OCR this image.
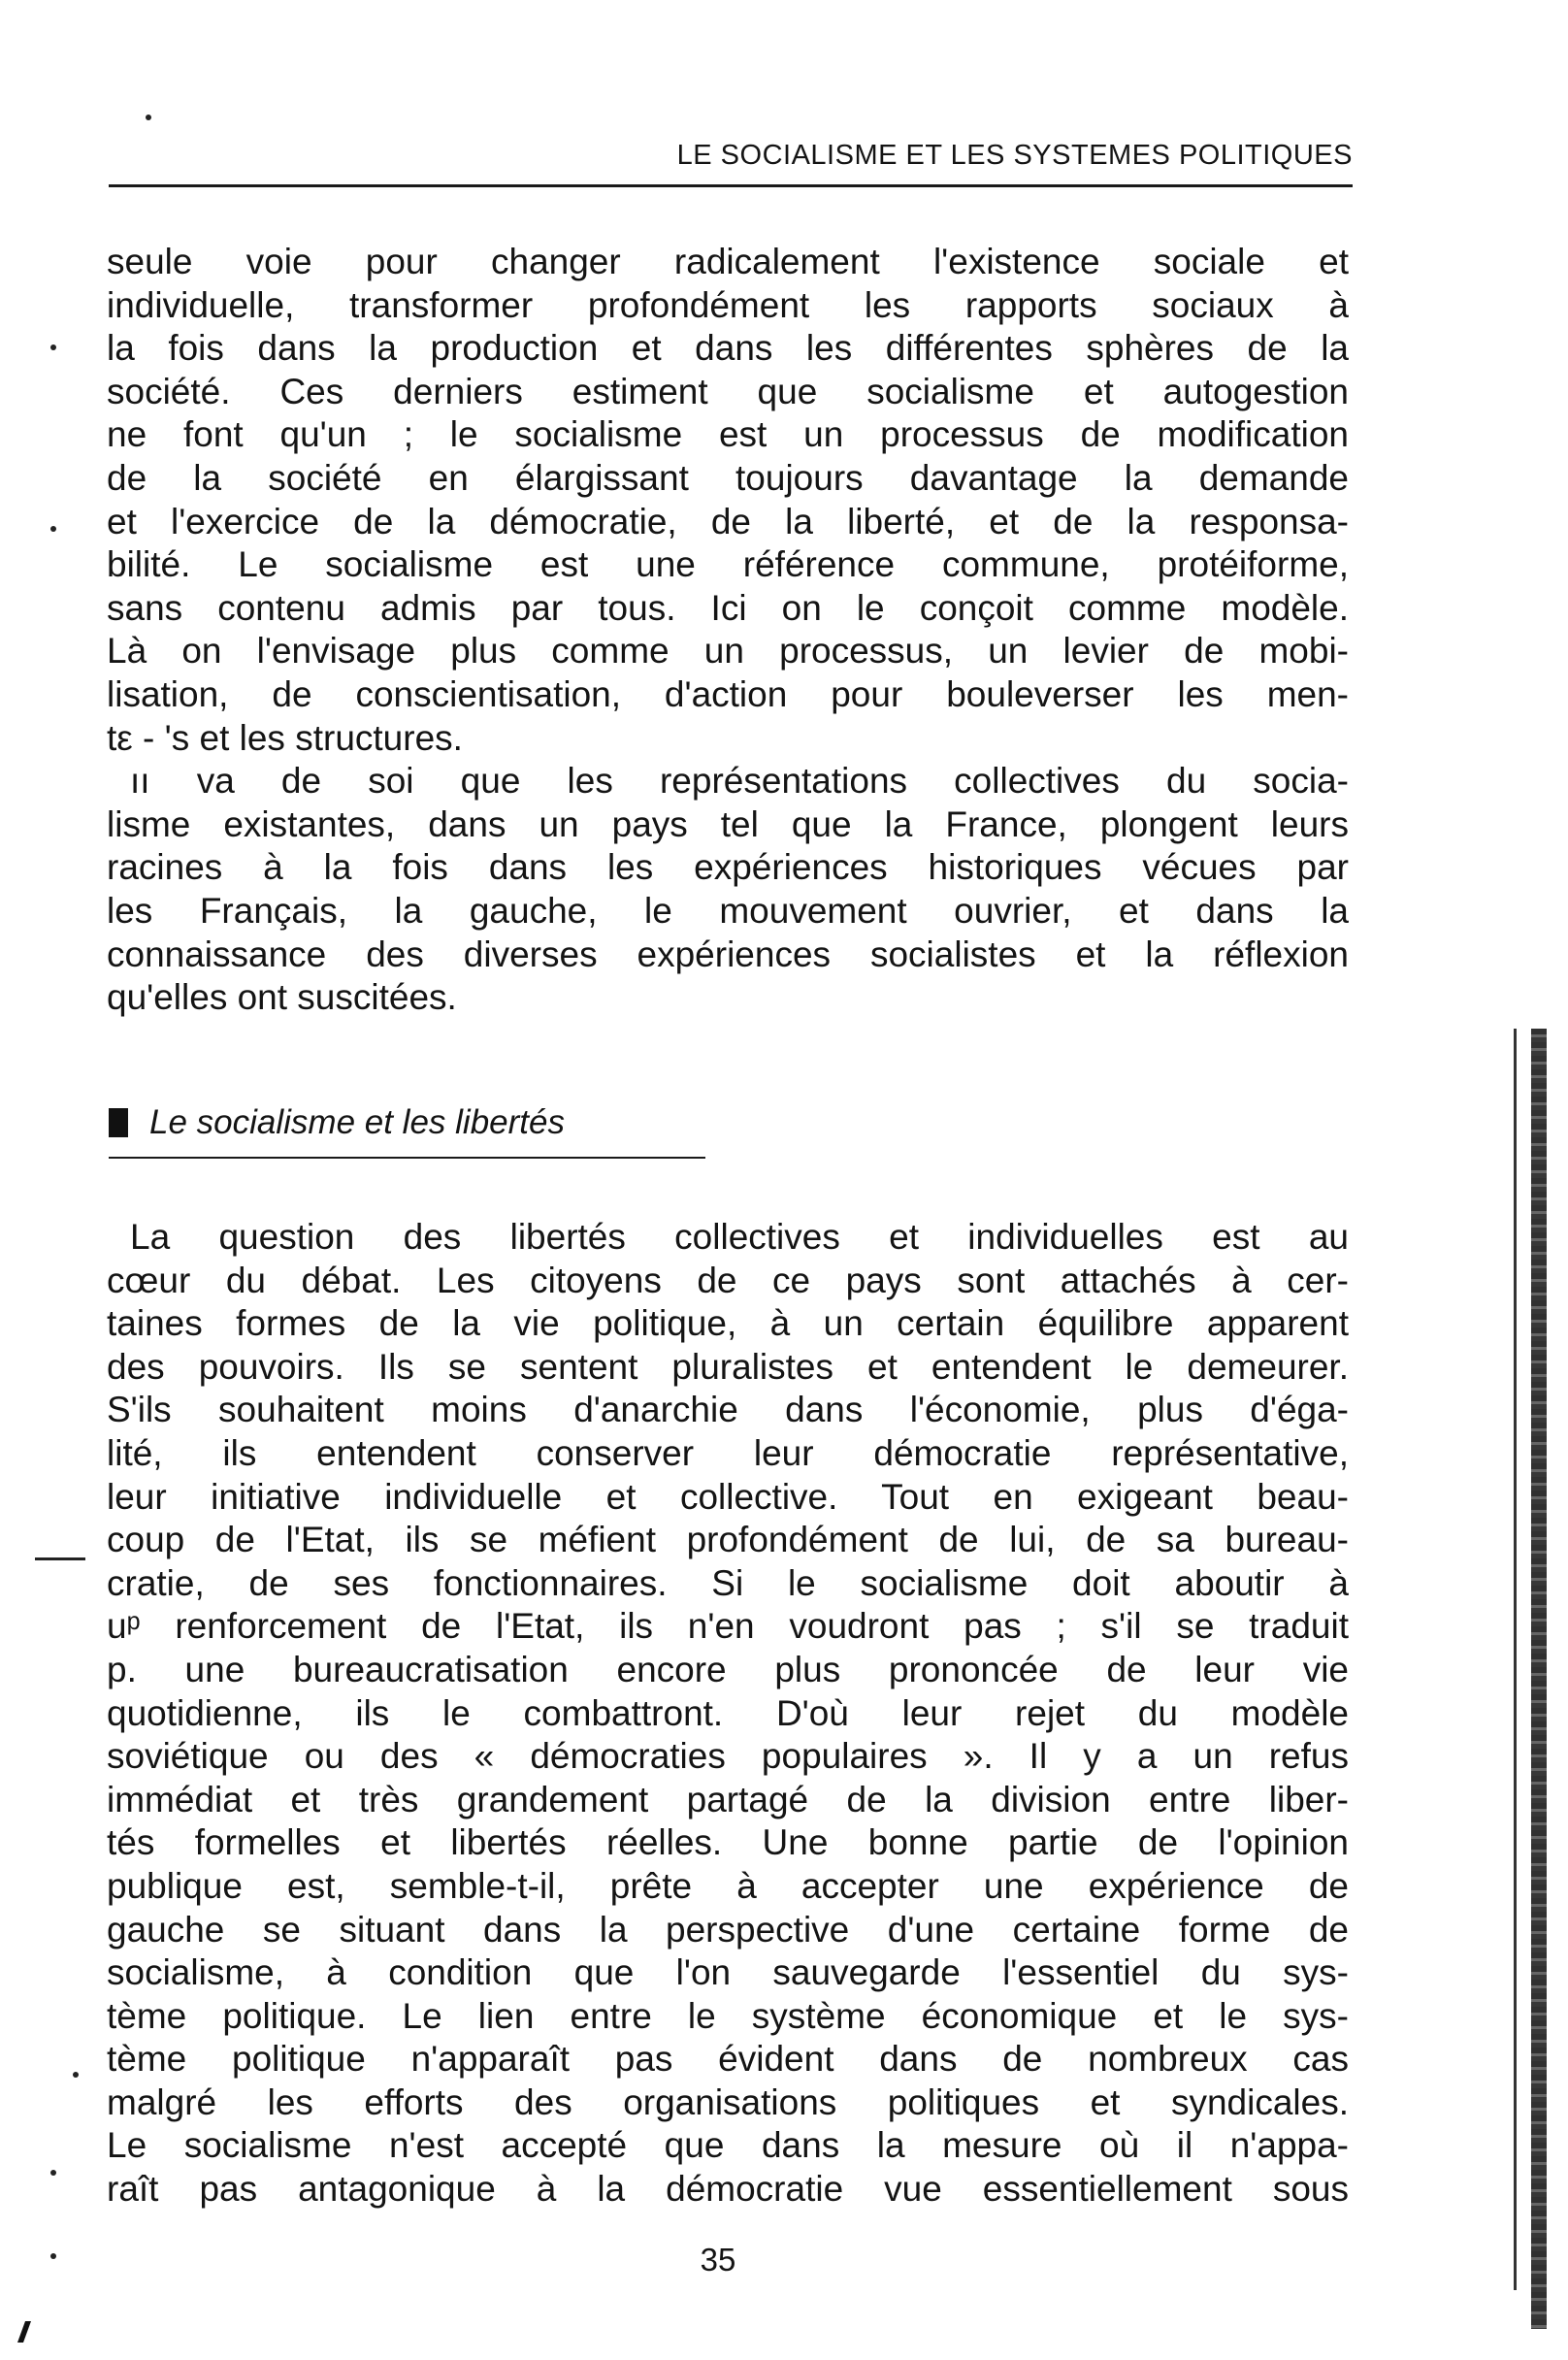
LE SOCIALISME ET LES SYSTEMES POLITIQUES
seule voie pour changer radicalement l'existence sociale et
individuelle, transformer profondément les rapports sociaux à
la fois dans la production et dans les différentes sphères de la
société. Ces derniers estiment que socialisme et autogestion
ne font qu'un ; le socialisme est un processus de modification
de la société en élargissant toujours davantage la demande
et l'exercice de la démocratie, de la liberté, et de la responsa-
bilité. Le socialisme est une référence commune, protéiforme,
sans contenu admis par tous. Ici on le conçoit comme modèle.
Là on l'envisage plus comme un processus, un levier de mobi-
lisation, de conscientisation, d'action pour bouleverser les men-
tε - 's et les structures.
ıı va de soi que les représentations collectives du socia-
lisme existantes, dans un pays tel que la France, plongent leurs
racines à la fois dans les expériences historiques vécues par
les Français, la gauche, le mouvement ouvrier, et dans la
connaissance des diverses expériences socialistes et la réflexion
qu'elles ont suscitées.
Le socialisme et les libertés
La question des libertés collectives et individuelles est au
cœur du débat. Les citoyens de ce pays sont attachés à cer-
taines formes de la vie politique, à un certain équilibre apparent
des pouvoirs. Ils se sentent pluralistes et entendent le demeurer.
S'ils souhaitent moins d'anarchie dans l'économie, plus d'éga-
lité, ils entendent conserver leur démocratie représentative,
leur initiative individuelle et collective. Tout en exigeant beau-
coup de l'Etat, ils se méfient profondément de lui, de sa bureau-
cratie, de ses fonctionnaires. Si le socialisme doit aboutir à
uᵖ renforcement de l'Etat, ils n'en voudront pas ; s'il se traduit
p. une bureaucratisation encore plus prononcée de leur vie
quotidienne, ils le combattront. D'où leur rejet du modèle
soviétique ou des « démocraties populaires ». Il y a un refus
immédiat et très grandement partagé de la division entre liber-
tés formelles et libertés réelles. Une bonne partie de l'opinion
publique est, semble-t-il, prête à accepter une expérience de
gauche se situant dans la perspective d'une certaine forme de
socialisme, à condition que l'on sauvegarde l'essentiel du sys-
tème politique. Le lien entre le système économique et le sys-
tème politique n'apparaît pas évident dans de nombreux cas
malgré les efforts des organisations politiques et syndicales.
Le socialisme n'est accepté que dans la mesure où il n'appa-
raît pas antagonique à la démocratie vue essentiellement sous
35
